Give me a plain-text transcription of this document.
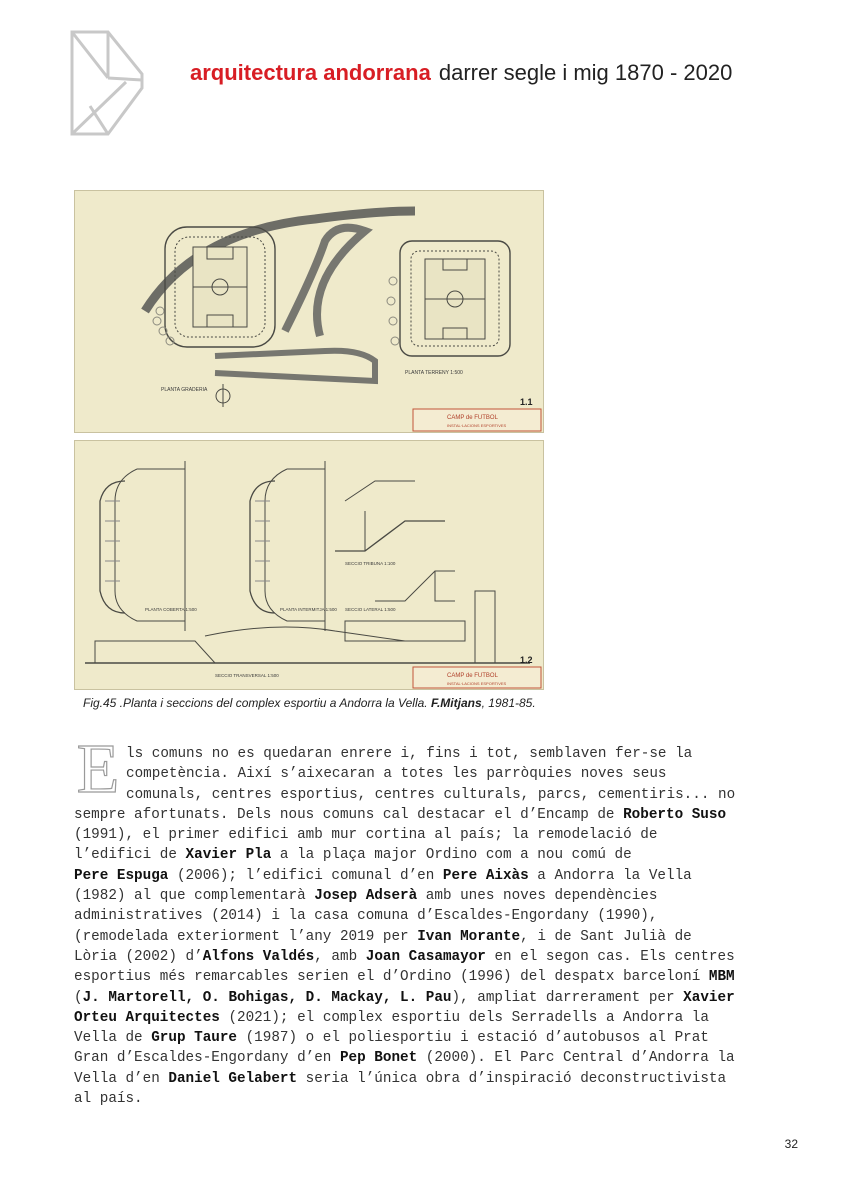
arquitectura andorrana darrer segle i mig 1870 - 2020
PLANTA GRADERIA
PLANTA TERRENY 1:500
1.1
CAMP de FUTBOL
INSTAL·LACIONS ESPORTIVES
PLANTA COBERTA 1:500	PLANTA INTERMITJA 1:500 SECCIO LATERAL 1:500
SECCIO TRIBUNA 1:100
SECCIO TRANSVERSAL 1:500
1.2
CAMP de FUTBOL
INSTAL·LACIONS ESPORTIVES
Fig.45 .Planta i seccions del complex esportiu a Andorra la Vella. F.Mitjans, 1981-85.
E ls comuns no es quedaran enrere i, fins i tot, semblaven fer-se la
competència. Així s’aixecaran a totes les parròquies noves seus
comunals, centres esportius, centres culturals, parcs, cementiris... no
sempre afortunats. Dels nous comuns cal destacar el d’Encamp de Roberto Suso
(1991), el primer edifici amb mur cortina al país; la remodelació de
l’edifici de Xavier Pla a la plaça major Ordino com a nou comú de
Pere Espuga (2006); l’edifici comunal d’en Pere Aixàs a Andorra la Vella
(1982) al que complementarà Josep Adserà amb unes noves dependències
administratives (2014) i la casa comuna d’Escaldes-Engordany (1990),
(remodelada exteriorment l’any 2019 per Ivan Morante, i de Sant Julià de
Lòria (2002) d’Alfons Valdés, amb Joan Casamayor en el segon cas. Els centres
esportius més remarcables serien el d’Ordino (1996) del despatx barceloní MBM
(J. Martorell, O. Bohigas, D. Mackay, L. Pau), ampliat darrerament per Xavier
Orteu Arquitectes (2021); el complex esportiu dels Serradells a Andorra la
Vella de Grup Taure (1987) o el poliesportiu i estació d’autobusos al Prat
Gran d’Escaldes-Engordany d’en Pep Bonet (2000). El Parc Central d’Andorra la
Vella d’en Daniel Gelabert seria l’única obra d’inspiració deconstructivista
al país.
32
